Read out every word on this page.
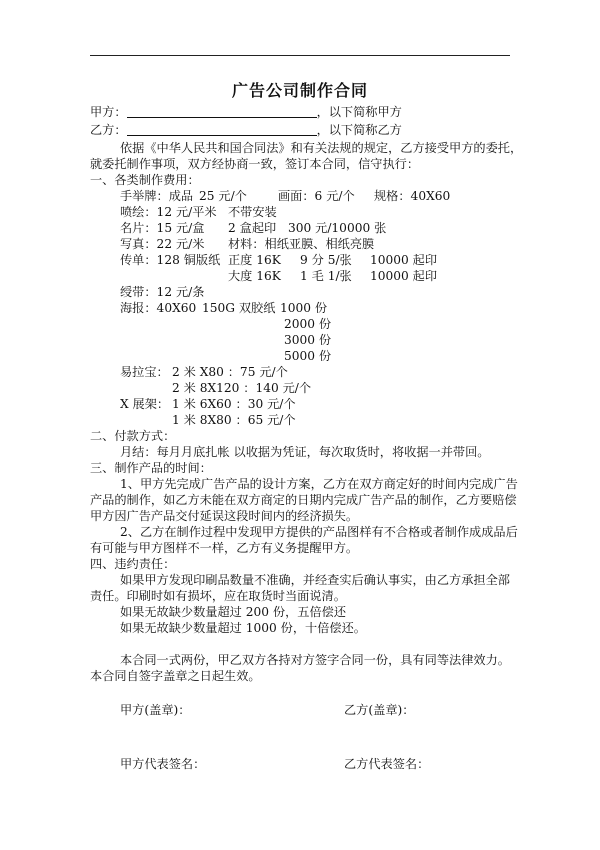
广告公司制作合同
甲方：	，以下简称甲方
乙方：	，以下简称乙方
依据《中华人民共和国合同法》和有关法规的规定，乙方接受甲方的委托，
就委托制作事项，双方经协商一致，签订本合同，信守执行：
一、各类制作费用：
手举牌：成品 25 元/个	画面：6 元/个 规格：40X60
喷绘：12 元/平米 不带安装
名片：15 元/盒 2 盒起印 300 元/10000 张
写真：22 元/米 材料：相纸亚膜、相纸亮膜
传单：128 铜版纸 正度 16K 9 分 5/张 10000 起印
大度 16K 1 毛 1/张 10000 起印
绶带：12 元/条
海报：40X60 150G 双胶纸 1000 份
2000 份
3000 份
5000 份
易拉宝： 2 米 X80 ：75 元/个
2 米 8X120 ：140 元/个
X 展架： 1 米 6X60 ：30 元/个
1 米 8X80 ：65 元/个
二、付款方式：
月结：每月月底扎帐 以收据为凭证，每次取货时，将收据一并带回。
三、制作产品的时间：
1、甲方先完成广告产品的设计方案，乙方在双方商定好的时间内完成广告
产品的制作，如乙方未能在双方商定的日期内完成广告产品的制作，乙方要赔偿
甲方因广告产品交付延误这段时间内的经济损失。
2、乙方在制作过程中发现甲方提供的产品图样有不合格或者制作成成品后
有可能与甲方图样不一样，乙方有义务提醒甲方。
四、违约责任：
如果甲方发现印刷品数量不准确，并经查实后确认事实，由乙方承担全部
责任。印刷时如有损坏，应在取货时当面说清。
如果无故缺少数量超过 200 份，五倍偿还
如果无故缺少数量超过 1000 份，十倍偿还。
本合同一式两份，甲乙双方各持对方签字合同一份，具有同等法律效力。
本合同自签字盖章之日起生效。
甲方(盖章)：	乙方(盖章)：
甲方代表签名：	乙方代表签名：
